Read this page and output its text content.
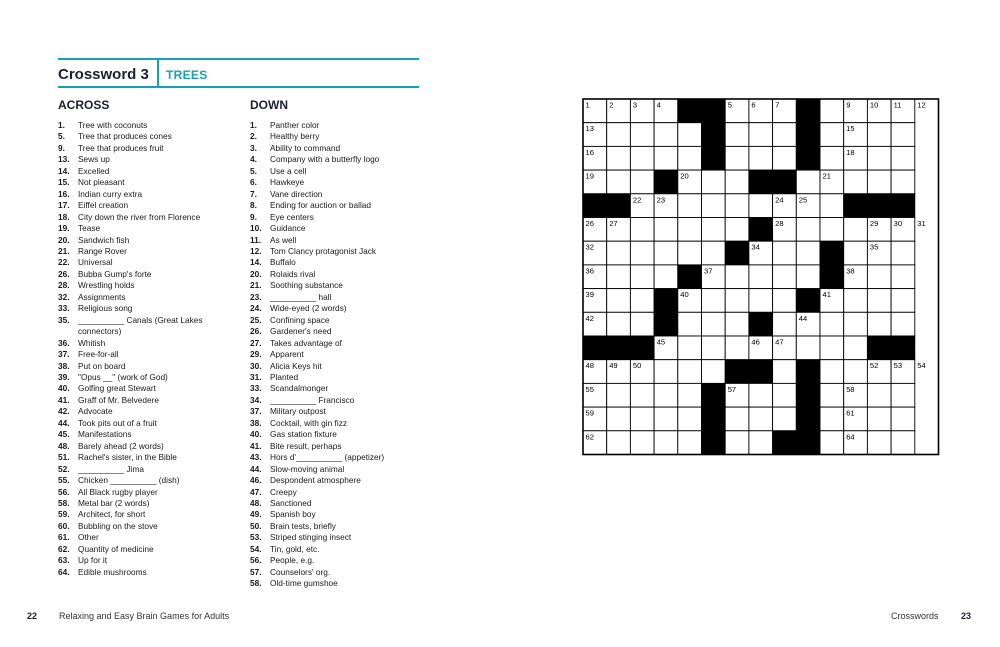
Crossword 3 TREES
ACROSS	DOWN
1. Tree with coconuts
5. Tree that produces cones
9. Tree that produces fruit
13. Sews up
14. Excelled
15. Not pleasant
16. Indian curry extra
17. Eiffel creation
18. City down the river from Florence
19. Tease
20. Sandwich fish
21. Range Rover
22. Universal
26. Bubba Gump's forte
28. Wrestling holds
32. Assignments
33. Religious song
35. __________ Canals (Great Lakes
connectors)
36. Whitish
37. Free-for-all
38. Put on board
39. "Opus __" (work of God)
40. Golfing great Stewart
41. Graff of Mr. Belvedere
42. Advocate
44. Took pits out of a fruit
45. Manifestations
48. Barely ahead (2 words)
51. Rachel's sister, in the Bible
52. __________ Jima
55. Chicken __________ (dish)
56. All Black rugby player
58. Metal bar (2 words)
59. Architect, for short
60. Bubbling on the stove
61. Other
62. Quantity of medicine
63. Up for it
64. Edible mushrooms
1. Panther color
2. Healthy berry
3. Ability to command
4. Company with a butterfly logo
5. Use a cell
6. Hawkeye
7. Vane direction
8. Ending for auction or ballad
9. Eye centers
10. Guidance
11. As well
12. Tom Clancy protagonist Jack
14. Buffalo
20. Rolaids rival
21. Soothing substance
23. __________ hall
24. Wide-eyed (2 words)
25. Confining space
26. Gardener's need
27. Takes advantage of
29. Apparent
30. Alicia Keys hit
31. Planted
33. Scandalmonger
34. __________ Francisco
37. Military outpost
38. Cocktail, with gin fizz
40. Gas station fixture
41. Bite result, perhaps
43. Hors d'__________ (appetizer)
44. Slow-moving animal
46. Despondent atmosphere
47. Creepy
48. Sanctioned
49. Spanish boy
50. Brain tests, briefly
53. Striped stinging insect
54. Tin, gold, etc.
56. People, e.g.
57. Counselors' org.
58. Old-time gumshoe
1	2	3	4	5	6	7	8	9	10 11 12
13	14	15
16	17	18
19	20	21
22 23	24 25
26 27	28	29 30 31
32	33 34	35
36	37	38
39	40	41
42	43	44
45	46 47
48 49 50	51	52 53 54
55	56 57	58
59	60	61
62	63	64
22 Relaxing and Easy Brain Games for Adults	Crosswords 23
